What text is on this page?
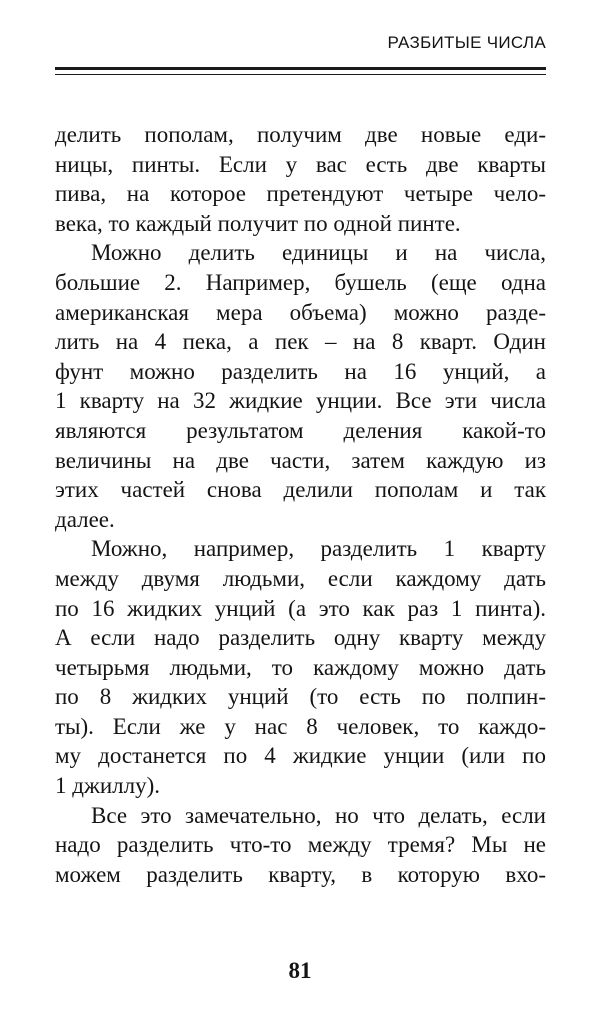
РАЗБИТЫЕ ЧИСЛА
делить пополам, получим две новые еди-
ницы, пинты. Если у вас есть две кварты
пива, на которое претендуют четыре чело-
века, то каждый получит по одной пинте.
Можно делить единицы и на числа,
большие 2. Например, бушель (еще одна
американская мера объема) можно разде-
лить на 4 пека, а пек – на 8 кварт. Один
фунт можно разделить на 16 унций, а
1 кварту на 32 жидкие унции. Все эти числа
являются результатом деления какой-то
величины на две части, затем каждую из
этих частей снова делили пополам и так
далее.
Можно, например, разделить 1 кварту
между двумя людьми, если каждому дать
по 16 жидких унций (а это как раз 1 пинта).
А если надо разделить одну кварту между
четырьмя людьми, то каждому можно дать
по 8 жидких унций (то есть по полпин-
ты). Если же у нас 8 человек, то каждо-
му достанется по 4 жидкие унции (или по
1 джиллу).
Все это замечательно, но что делать, если
надо разделить что-то между тремя? Мы не
можем разделить кварту, в которую вхо-
81
